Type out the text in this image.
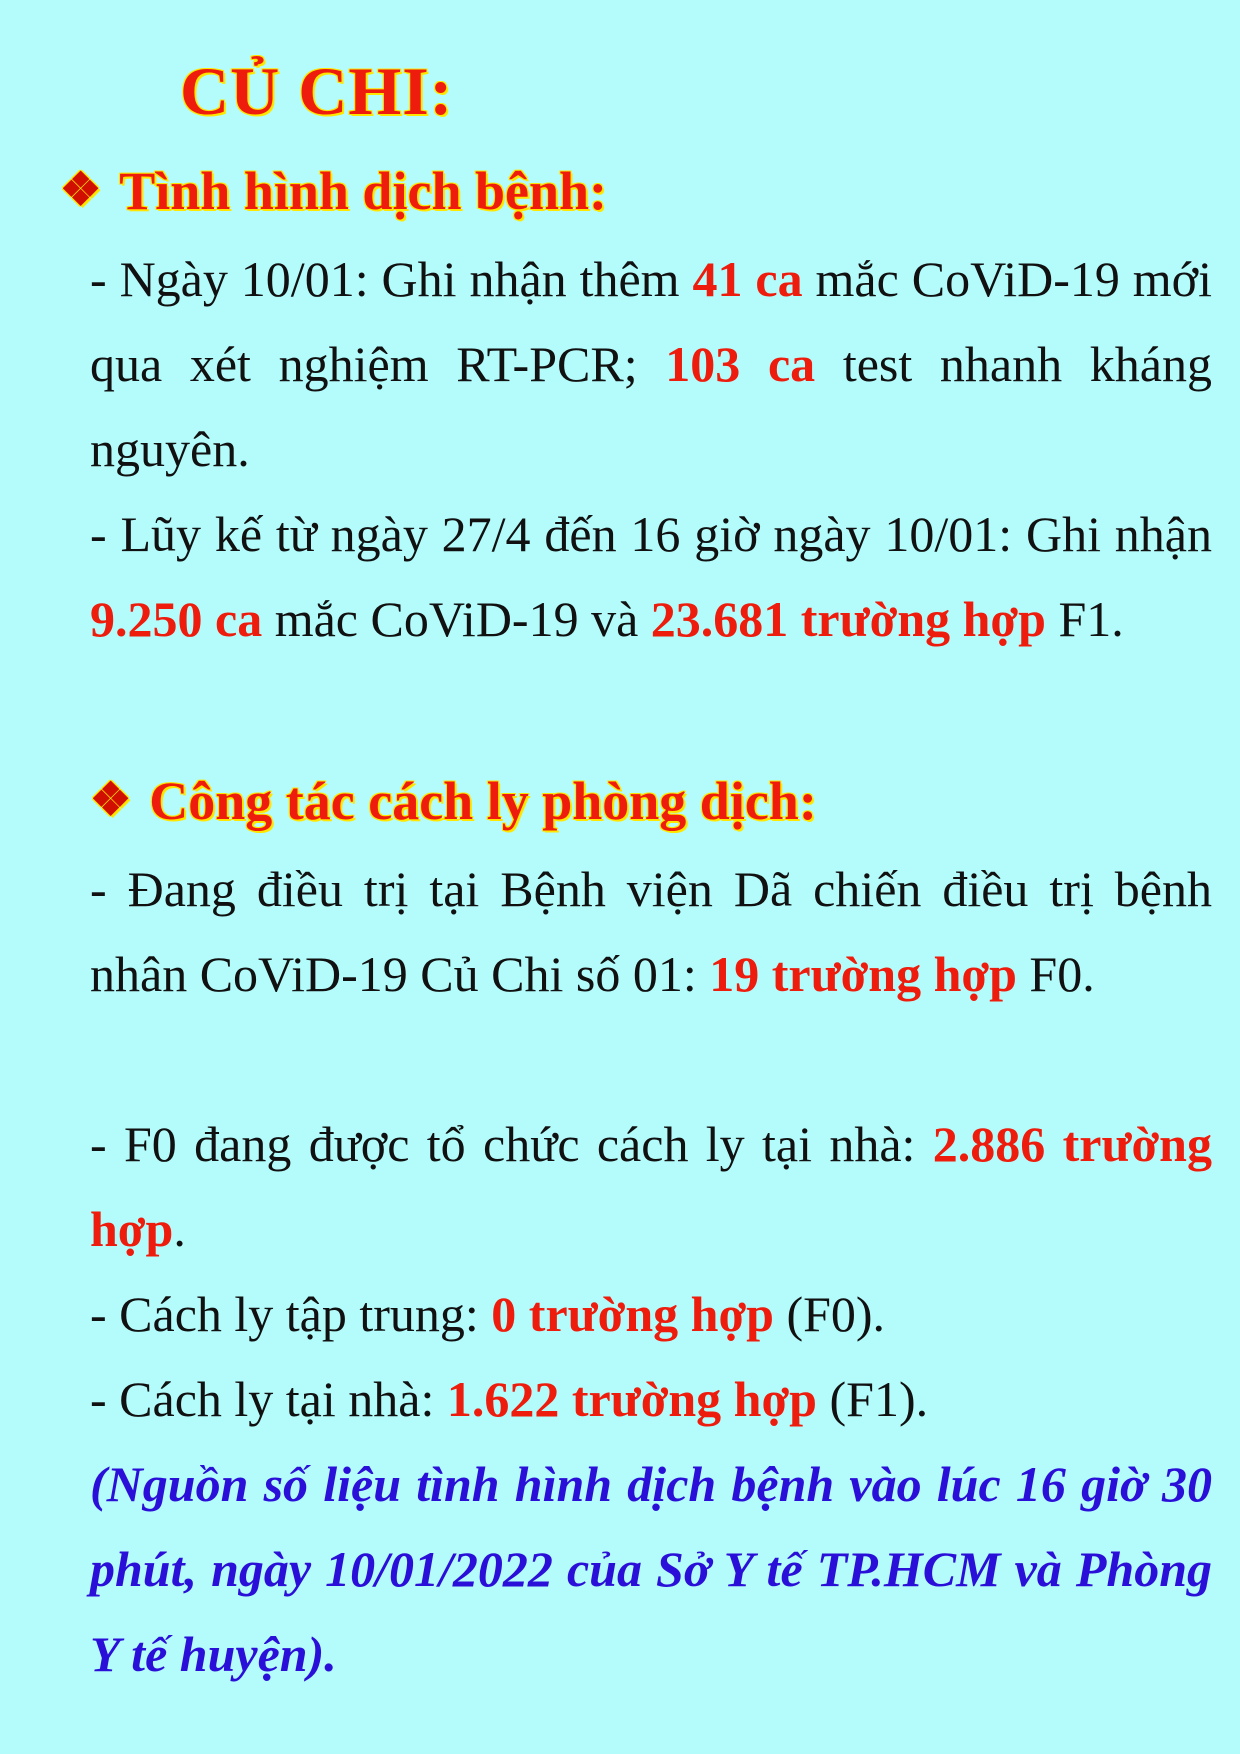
CỦ CHI:
❖ Tình hình dịch bệnh:
- Ngày 10/01: Ghi nhận thêm 41 ca mắc CoViD-19 mới qua xét nghiệm RT-PCR; 103 ca test nhanh kháng nguyên.
- Lũy kế từ ngày 27/4 đến 16 giờ ngày 10/01: Ghi nhận 9.250 ca mắc CoViD-19 và 23.681 trường hợp F1.
❖ Công tác cách ly phòng dịch:
- Đang điều trị tại Bệnh viện Dã chiến điều trị bệnh nhân CoViD-19 Củ Chi số 01: 19 trường hợp F0.
- F0 đang được tổ chức cách ly tại nhà: 2.886 trường hợp.
- Cách ly tập trung: 0 trường hợp (F0).
- Cách ly tại nhà: 1.622 trường hợp (F1).
(Nguồn số liệu tình hình dịch bệnh vào lúc 16 giờ 30 phút, ngày 10/01/2022 của Sở Y tế TP.HCM và Phòng Y tế huyện).
